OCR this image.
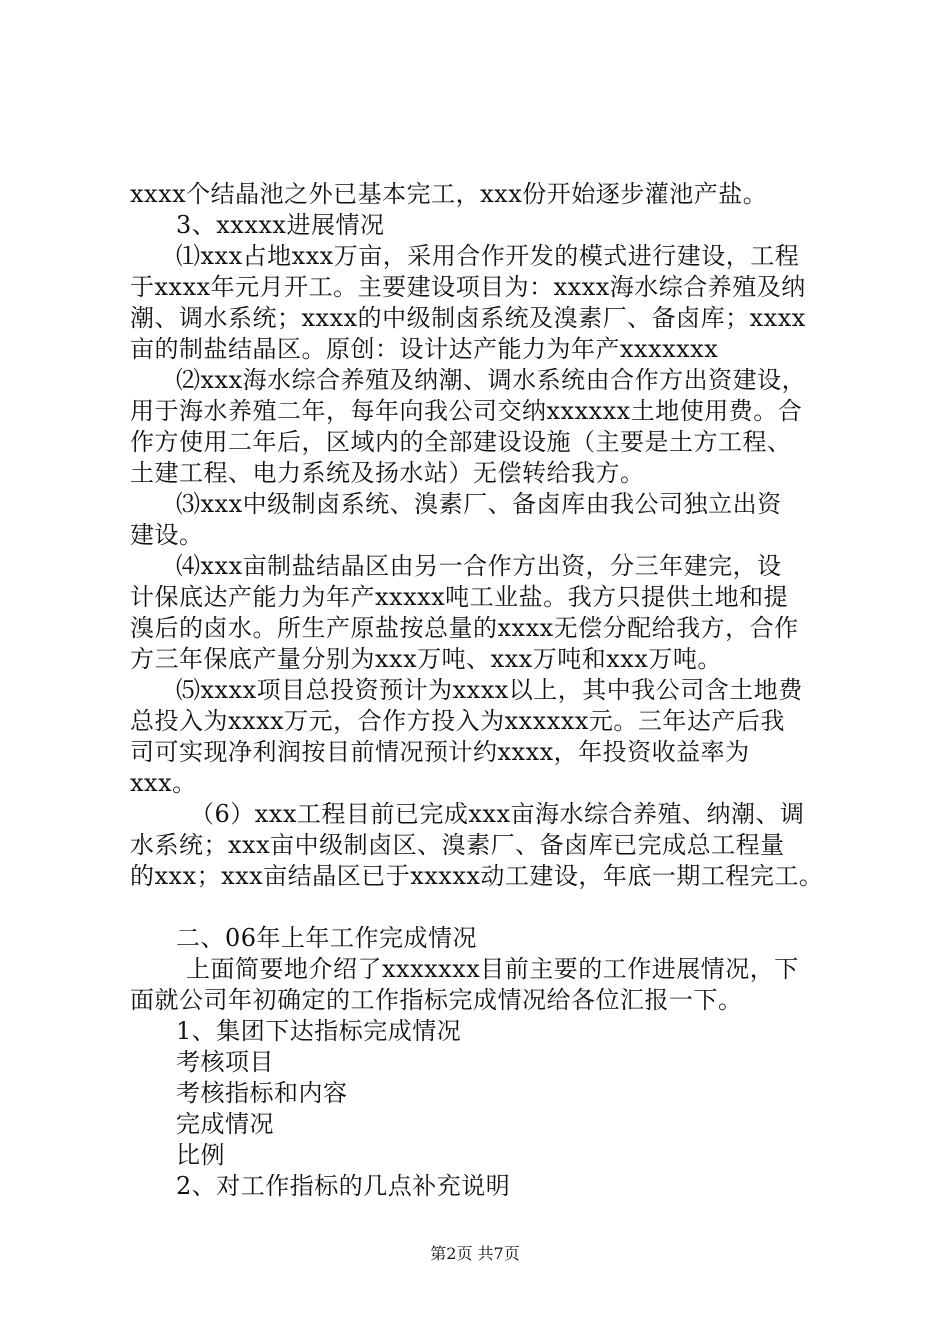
xxxx个结晶池之外已基本完工，xxx份开始逐步灌池产盐。
3、xxxxx进展情况
⑴xxx占地xxx万亩，采用合作开发的模式进行建设，工程
于xxxx年元月开工。主要建设项目为：xxxx海水综合养殖及纳
潮、调水系统；xxxx的中级制卤系统及溴素厂、备卤库；xxxx
亩的制盐结晶区。原创：设计达产能力为年产xxxxxxx
⑵xxx海水综合养殖及纳潮、调水系统由合作方出资建设，
用于海水养殖二年，每年向我公司交纳xxxxxx土地使用费。合
作方使用二年后，区域内的全部建设设施（主要是土方工程、
土建工程、电力系统及扬水站）无偿转给我方。
⑶xxx中级制卤系统、溴素厂、备卤库由我公司独立出资
建设。
⑷xxx亩制盐结晶区由另一合作方出资，分三年建完，设
计保底达产能力为年产xxxxx吨工业盐。我方只提供土地和提
溴后的卤水。所生产原盐按总量的xxxx无偿分配给我方，合作
方三年保底产量分别为xxx万吨、xxx万吨和xxx万吨。
⑸xxxx项目总投资预计为xxxx以上，其中我公司含土地费
总投入为xxxx万元，合作方投入为xxxxxx元。三年达产后我
司可实现净利润按目前情况预计约xxxx，年投资收益率为
xxx。
（6）xxx工程目前已完成xxx亩海水综合养殖、纳潮、调
水系统；xxx亩中级制卤区、溴素厂、备卤库已完成总工程量
的xxx；xxx亩结晶区已于xxxxx动工建设，年底一期工程完工。
二、06年上年工作完成情况
上面简要地介绍了xxxxxxx目前主要的工作进展情况，下
面就公司年初确定的工作指标完成情况给各位汇报一下。
1、集团下达指标完成情况
考核项目
考核指标和内容
完成情况
比例
2、对工作指标的几点补充说明
第2页 共7页
